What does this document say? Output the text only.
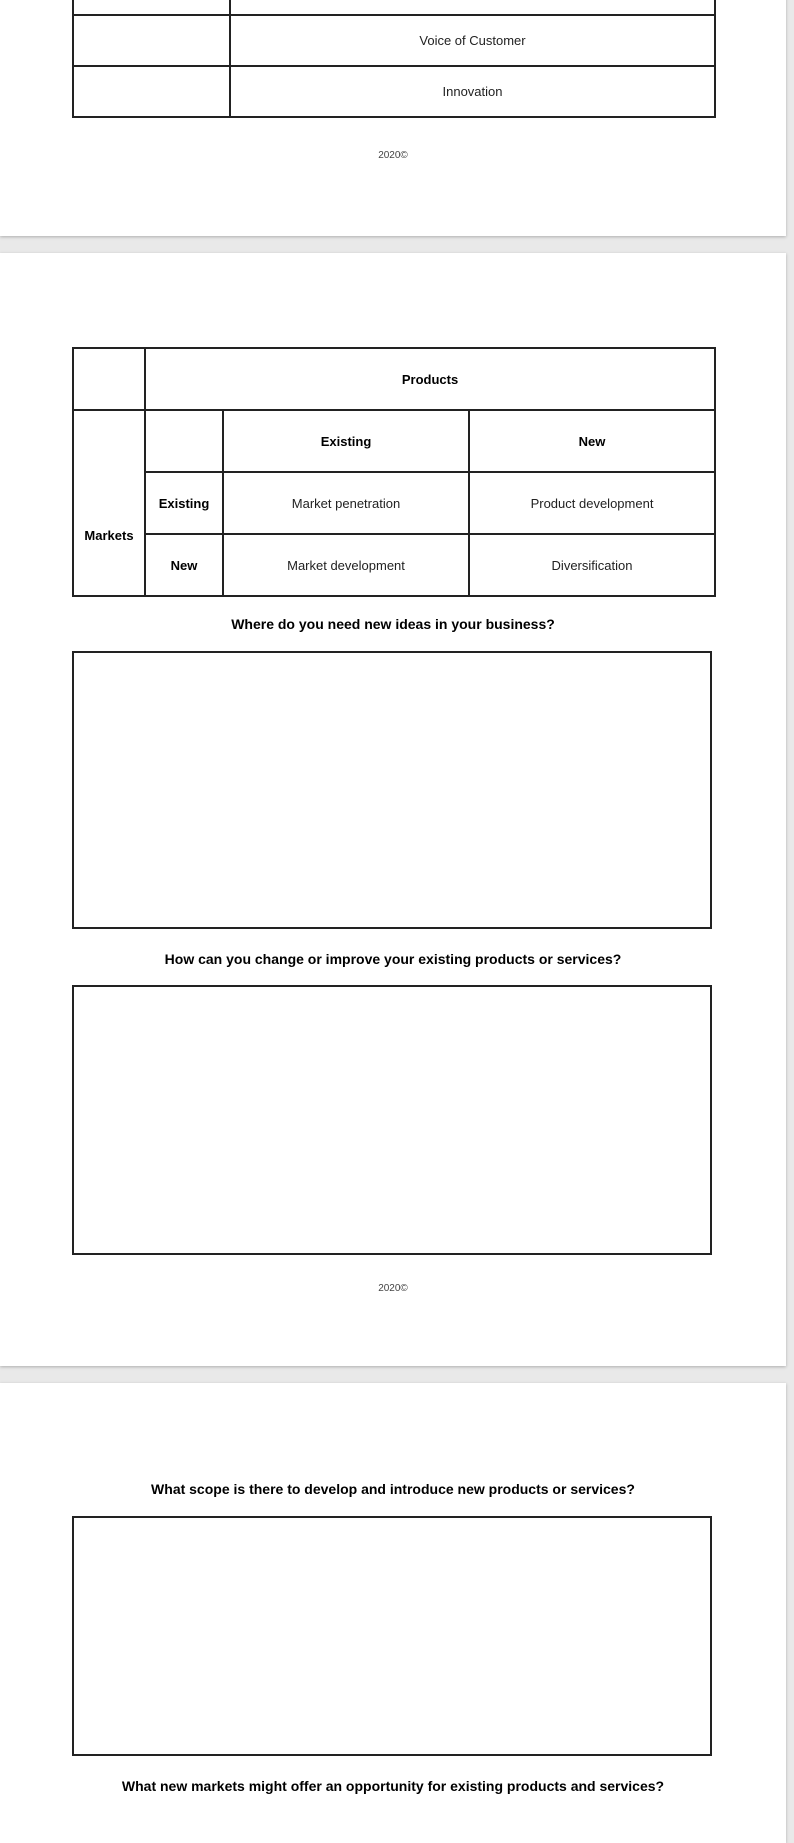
	Voice of Customer
	Innovation
2020©
	Products		
Markets		Existing	New
	Existing	Market penetration	Product development
	New	Market development	Diversification
Where do you need new ideas in your business?
How can you change or improve your existing products or services?
2020©
What scope is there to develop and introduce new products or services?
What new markets might offer an opportunity for existing products and services?
